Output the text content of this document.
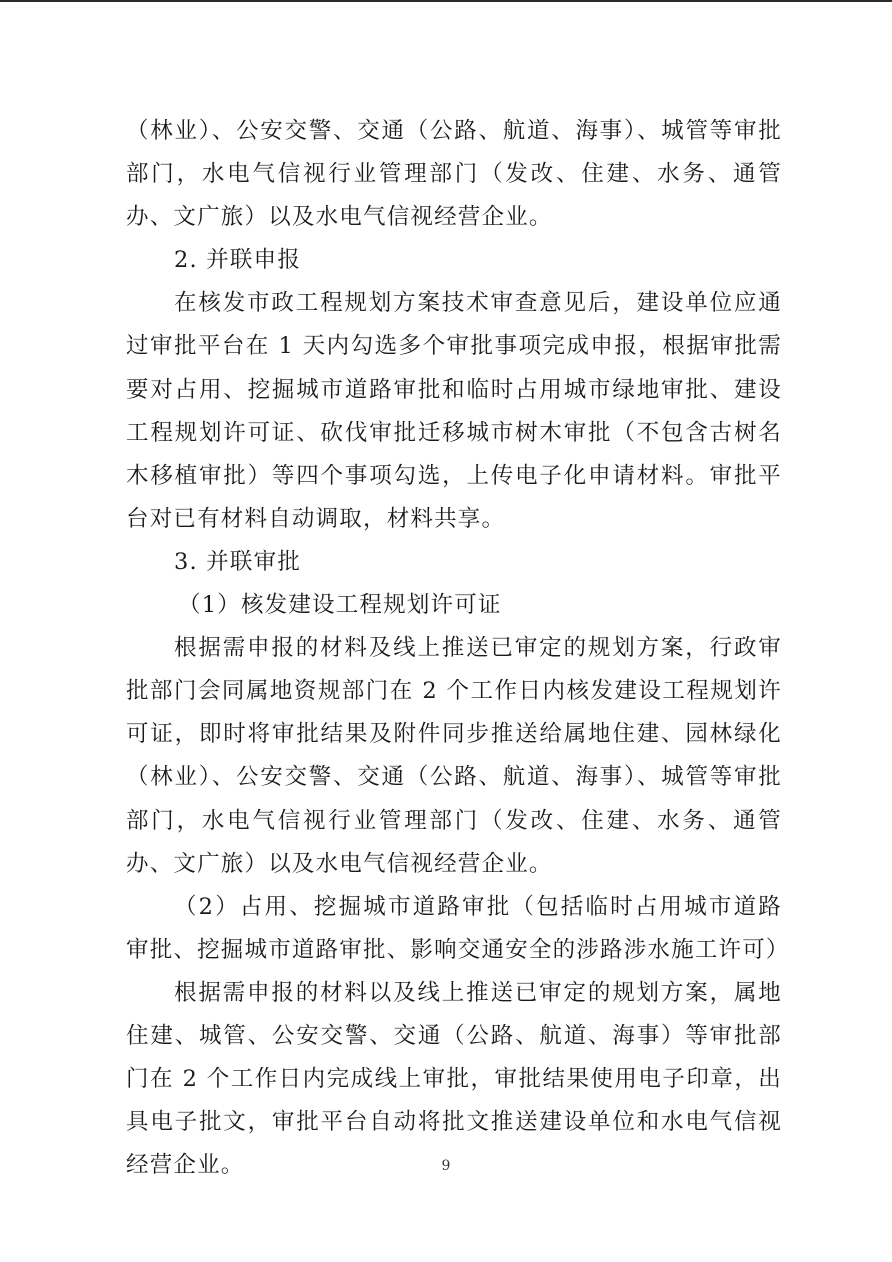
（林业）、公安交警、交通（公路、航道、海事）、城管等审批部门，水电气信视行业管理部门（发改、住建、水务、通管办、文广旅）以及水电气信视经营企业。

2. 并联申报

在核发市政工程规划方案技术审查意见后，建设单位应通过审批平台在 1 天内勾选多个审批事项完成申报，根据审批需要对占用、挖掘城市道路审批和临时占用城市绿地审批、建设工程规划许可证、砍伐审批迁移城市树木审批（不包含古树名木移植审批）等四个事项勾选，上传电子化申请材料。审批平台对已有材料自动调取，材料共享。

3. 并联审批

（1）核发建设工程规划许可证

根据需申报的材料及线上推送已审定的规划方案，行政审批部门会同属地资规部门在 2 个工作日内核发建设工程规划许可证，即时将审批结果及附件同步推送给属地住建、园林绿化（林业）、公安交警、交通（公路、航道、海事）、城管等审批部门，水电气信视行业管理部门（发改、住建、水务、通管办、文广旅）以及水电气信视经营企业。

（2）占用、挖掘城市道路审批（包括临时占用城市道路审批、挖掘城市道路审批、影响交通安全的涉路涉水施工许可）

根据需申报的材料以及线上推送已审定的规划方案，属地住建、城管、公安交警、交通（公路、航道、海事）等审批部门在 2 个工作日内完成线上审批，审批结果使用电子印章，出具电子批文，审批平台自动将批文推送建设单位和水电气信视经营企业。	9
